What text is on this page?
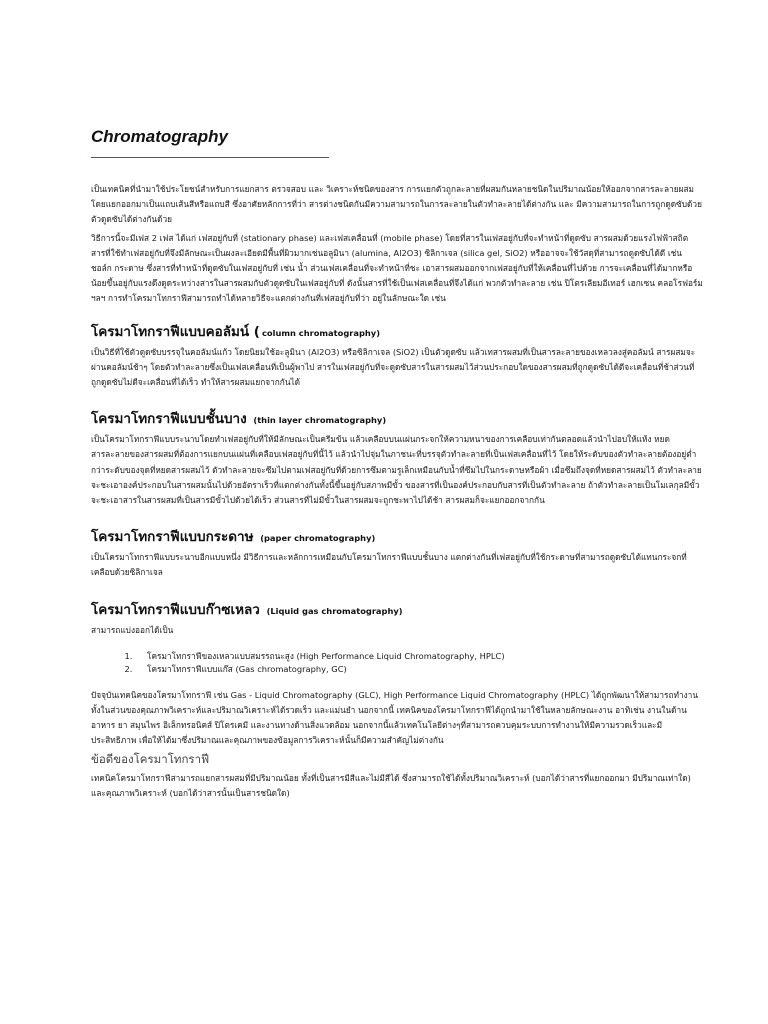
Chromatography

เป็นเทคนิคที่นำมาใช้ประโยชน์สำหรับการแยกสาร ตรวจสอบ และ วิเคราะห์ชนิดของสาร การแยกตัวถูกละลายที่ผสมกันหลายชนิดในปริมาณน้อยให้ออกจากสารละลายผสม โดยแยกออกมาเป็นแถบเส้นสีหรือแถบสี ซึ่งอาศัยหลักการที่ว่า สารต่างชนิดกันมีความสามารถในการละลายในตัวทำละลายได้ต่างกัน และ มีความสามารถในการถูกดูดซับด้วยตัวดูดซับได้ต่างกันด้วย

วิธีการนี้จะมีเฟส 2 เฟส ได้แก่ เฟสอยู่กับที่ (stationary phase) และเฟสเคลื่อนที่ (mobile phase) โดยที่สารในเฟสอยู่กับที่จะทำหน้าที่ดูดซับ สารผสมด้วยแรงไฟฟ้าสถิต สารที่ใช้ทำเฟสอยู่กับที่จึงมีลักษณะเป็นผงละเอียดมีพื้นที่ผิวมากเช่นอลูมินา (alumina, Al2O3) ซิลิกาเจล (silica gel, SiO2) หรืออาจจะใช้วัสดุที่สามารถดูดซับได้ดี เช่น ชอล์ก กระดาษ ซึ่งสารที่ทำหน้าที่ดูดซับในเฟสอยู่กับที่ เช่น น้ำ ส่วนเฟสเคลื่อนที่จะทำหน้าที่ชะ เอาสารผสมออกจากเฟสอยู่กับที่ให้เคลื่อนที่ไปด้วย การจะเคลื่อนที่ได้มากหรือน้อยขึ้นอยู่กับแรงดึงดูดระหว่างสารในสารผสมกับตัวดูดซับในเฟสอยู่กับที่ ดังนั้นสารที่ใช้เป็นเฟสเคลื่อนที่จึงได้แก่ พวกตัวทำละลาย เช่น ปิโตรเลียมอีเทอร์ เฮกเซน คลอโรฟอร์ม ฯลฯ การทำโครมาโทกราฟีสามารถทำได้หลายวิธีจะแตกต่างกันที่เฟสอยู่กับที่ว่า อยู่ในลักษณะใด เช่น

โครมาโทกราฟีแบบคอลัมน์ ( column chromatography)

เป็นวิธีที่ใช้ตัวดูดซับบรรจุในคอลัมน์แก้ว โดยนิยมใช้อะลูมินา (Al2O3) หรือซิลิกาเจล (SiO2) เป็นตัวดูดซับ แล้วเทสารผสมที่เป็นสารละลายของเหลวลงสู่คอลัมน์ สารผสมจะผ่านคอลัมน์ช้าๆ โดยตัวทำละลายซึ่งเป็นเฟสเคลื่อนที่เป็นผู้พาไป สารในเฟสอยู่กับที่จะดูดซับสารในสารผสมไว้ส่วนประกอบใดของสารผสมที่ถูกดูดซับได้ดีจะเคลื่อนที่ช้าส่วนที่ถูกดูดซับไม่ดีจะเคลื่อนที่ได้เร็ว ทำให้สารผสมแยกจากกันได้

โครมาโทกราฟีแบบชั้นบาง (thin layer chromatography)

เป็นโครมาโทกราฟีแบบระนาบโดยทำเฟสอยู่กับที่ให้มีลักษณะเป็นครีมข้น แล้วเคลือบบนแผ่นกระจกให้ความหนาของการเคลือบเท่ากันตลอดแล้วนำไปอบให้แห้ง หยดสารละลายของสารผสมที่ต้องการแยกบนแผ่นที่เคลือบเฟสอยู่กับที่นี้ไว้ แล้วนำไปจุ่มในภาชนะที่บรรจุตัวทำละลายที่เป็นเฟสเคลื่อนที่ไว้ โดยให้ระดับของตัวทำละลายต้องอยู่ต่ำกว่าระดับของจุดที่หยดสารผสมไว้ ตัวทำละลายจะซึมไปตามเฟสอยู่กับที่ด้วยการซึมตามรูเล็กเหมือนกับน้ำที่ซึมไปในกระดาษหรือผ้า เมื่อซึมถึงจุดที่หยดสารผสมไว้ ตัวทำละลายจะชะเอาองค์ประกอบในสารผสมนั้นไปด้วยอัตราเร็วที่แตกต่างกันทั้งนี้ขึ้นอยู่กับสภาพมีขั้ว ของสารที่เป็นองค์ประกอบกับสารที่เป็นตัวทำละลาย ถ้าตัวทำละลายเป็นโมเลกุลมีขั้ว จะชะเอาสารในสารผสมที่เป็นสารมีขั้วไปด้วยได้เร็ว ส่วนสารที่ไม่มีขั้วในสารผสมจะถูกชะพาไปได้ช้า สารผสมก็จะแยกออกจากกัน

โครมาโทกราฟีแบบกระดาษ (paper chromatography)

เป็นโครมาโทกราฟีแบบระนาบอีกแบบหนึ่ง มีวิธีการและหลักการเหมือนกับโครมาโทกราฟีแบบชั้นบาง แตกต่างกันที่เฟสอยู่กับที่ใช้กระดาษที่สามารถดูดซับได้แทนกระจกที่เคลือบด้วยซิลิกาเจล

โครมาโทกราฟีแบบก๊าซเหลว (Liquid gas chromatography)

สามารถแบ่งออกได้เป็น

1. โครมาโทกราฟีของเหลวแบบสมรรถนะสูง (High Performance Liquid Chromatography, HPLC)
2. โครมาโทกราฟีแบบแก๊ส (Gas chromatography, GC)

ปัจจุบันเทคนิคของโครมาโทกราฟี เช่น Gas - Liquid Chromatography (GLC), High Performance Liquid Chromatography (HPLC) ได้ถูกพัฒนาให้สามารถทำงานทั้งในส่วนของคุณภาพวิเคราะห์และปริมาณวิเคราะห์ได้รวดเร็ว และแม่นยำ นอกจากนี้ เทคนิคของโครมาโทกราฟีได้ถูกนำมาใช้ในหลายลักษณะงาน อาทิเช่น งานในด้านอาหาร ยา สมุนไพร อิเล็กทรอนิคส์ ปิโตรเคมี และงานทางด้านสิ่งแวดล้อม นอกจากนี้แล้วเทคโนโลยีต่างๆที่สามารถควบคุมระบบการทำงานให้มีความรวดเร็วและมีประสิทธิภาพ เพื่อให้ได้มาซึ่งปริมาณและคุณภาพของข้อมูลการวิเคราะห์นั้นก็มีความสำคัญไม่ต่างกัน

ข้อดีของโครมาโทกราฟี

เทคนิคโครมาโทกราฟีสามารถแยกสารผสมที่มีปริมาณน้อย ทั้งที่เป็นสารมีสีและไม่มีสีได้ ซึ่งสามารถใช้ได้ทั้งปริมาณวิเคราะห์ (บอกได้ว่าสารที่แยกออกมา มีปริมาณเท่าใด) และคุณภาพวิเคราะห์ (บอกได้ว่าสารนั้นเป็นสารชนิดใด)
